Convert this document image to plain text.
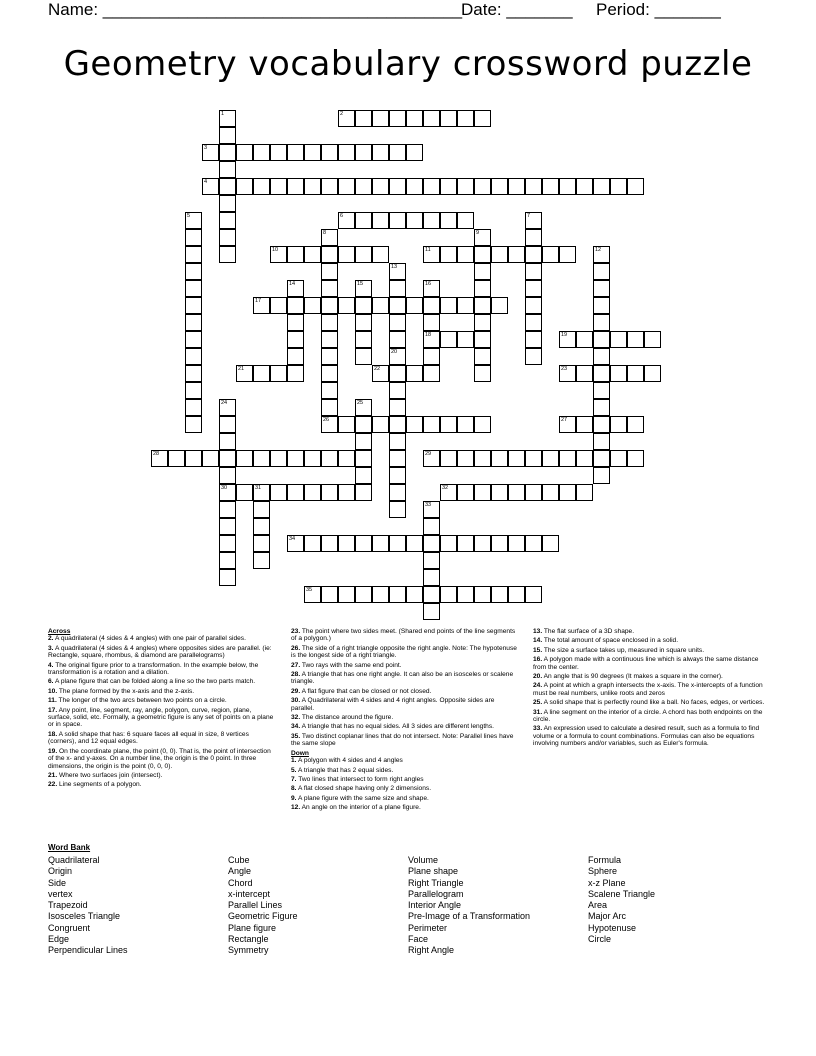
Name: ______________________________________Date: _______ Period: _______
Geometry vocabulary crossword puzzle
1	2
3
4
5	6	7
8	9
10	11	12
13
14	15	16
18
17
19
20
21	22	23
24	25
26	27
28	29
30	31	32
33
34
35
Across
2. A quadrilateral (4 sides & 4 angles) with one pair of parallel sides.
3. A quadrilateral (4 sides & 4 angles) where opposites sides are parallel. (ie: Rectangle, square, rhombus, & diamond are parallelograms)
4. The original figure prior to a transformation. In the example below, the transformation is a rotation and a dilation.
6. A plane figure that can be folded along a line so the two parts match.
10. The plane formed by the x-axis and the z-axis.
11. The longer of the two arcs between two points on a circle.
17. Any point, line, segment, ray, angle, polygon, curve, region, plane, surface, solid, etc. Formally, a geometric figure is any set of points on a plane or in space.
18. A solid shape that has: 6 square faces all equal in size, 8 vertices (corners), and 12 equal edges.
19. On the coordinate plane, the point (0, 0). That is, the point of intersection of the x- and y-axes. On a number line, the origin is the 0 point. In three dimensions, the origin is the point (0, 0, 0).
21. Where two surfaces join (intersect).
22. Line segments of a polygon.
23. The point where two sides meet. (Shared end points of the line segments of a polygon.)
26. The side of a right triangle opposite the right angle. Note: The hypotenuse is the longest side of a right triangle.
27. Two rays with the same end point.
28. A triangle that has one right angle. It can also be an isosceles or scalene triangle.
29. A flat figure that can be closed or not closed.
30. A Quadrilateral with 4 sides and 4 right angles. Opposite sides are parallel.
32. The distance around the figure.
34. A triangle that has no equal sides. All 3 sides are different lengths.
35. Two distinct coplanar lines that do not intersect. Note: Parallel lines have the same slope
Down
1. A polygon with 4 sides and 4 angles
5. A triangle that has 2 equal sides.
7. Two lines that intersect to form right angles
8. A flat closed shape having only 2 dimensions.
9. A plane figure with the same size and shape.
12. An angle on the interior of a plane figure.
13. The flat surface of a 3D shape.
14. The total amount of space enclosed in a solid.
15. The size a surface takes up, measured in square units.
16. A polygon made with a continuous line which is always the same distance from the center.
20. An angle that is 90 degrees (It makes a square in the corner).
24. A point at which a graph intersects the x-axis. The x-intercepts of a function must be real numbers, unlike roots and zeros
25. A solid shape that is perfectly round like a ball. No faces, edges, or vertices.
31. A line segment on the interior of a circle. A chord has both endpoints on the circle.
33. An expression used to calculate a desired result, such as a formula to find volume or a formula to count combinations. Formulas can also be equations involving numbers and/or variables, such as Euler's formula.
Word Bank
Quadrilateral
Origin
Side
vertex
Trapezoid
Isosceles Triangle
Congruent
Edge
Perpendicular Lines
Cube
Angle
Chord
x-intercept
Parallel Lines
Geometric Figure
Plane figure
Rectangle
Symmetry
Volume
Plane shape
Right Triangle
Parallelogram
Interior Angle
Pre-Image of a Transformation
Perimeter
Face
Right Angle
Formula
Sphere
x-z Plane
Scalene Triangle
Area
Major Arc
Hypotenuse
Circle
